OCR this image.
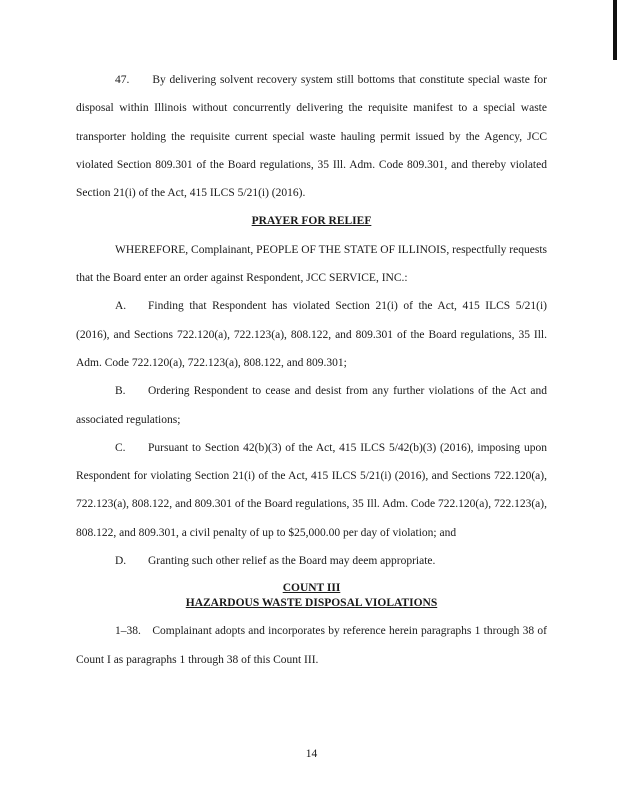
47.  By delivering solvent recovery system still bottoms that constitute special waste for disposal within Illinois without concurrently delivering the requisite manifest to a special waste transporter holding the requisite current special waste hauling permit issued by the Agency, JCC violated Section 809.301 of the Board regulations, 35 Ill. Adm. Code 809.301, and thereby violated Section 21(i) of the Act, 415 ILCS 5/21(i) (2016).

PRAYER FOR RELIEF

WHEREFORE, Complainant, PEOPLE OF THE STATE OF ILLINOIS, respectfully requests that the Board enter an order against Respondent, JCC SERVICE, INC.:

A.	Finding that Respondent has violated Section 21(i) of the Act, 415 ILCS 5/21(i) (2016), and Sections 722.120(a), 722.123(a), 808.122, and 809.301 of the Board regulations, 35 Ill. Adm. Code 722.120(a), 722.123(a), 808.122, and 809.301;

B.	Ordering Respondent to cease and desist from any further violations of the Act and associated regulations;

C.	Pursuant to Section 42(b)(3) of the Act, 415 ILCS 5/42(b)(3) (2016), imposing upon Respondent for violating Section 21(i) of the Act, 415 ILCS 5/21(i) (2016), and Sections 722.120(a), 722.123(a), 808.122, and 809.301 of the Board regulations, 35 Ill. Adm. Code 722.120(a), 722.123(a), 808.122, and 809.301, a civil penalty of up to $25,000.00 per day of violation; and

D.	Granting such other relief as the Board may deem appropriate.

COUNT III

HAZARDOUS WASTE DISPOSAL VIOLATIONS

1–38. Complainant adopts and incorporates by reference herein paragraphs 1 through 38 of Count I as paragraphs 1 through 38 of this Count III.

14
